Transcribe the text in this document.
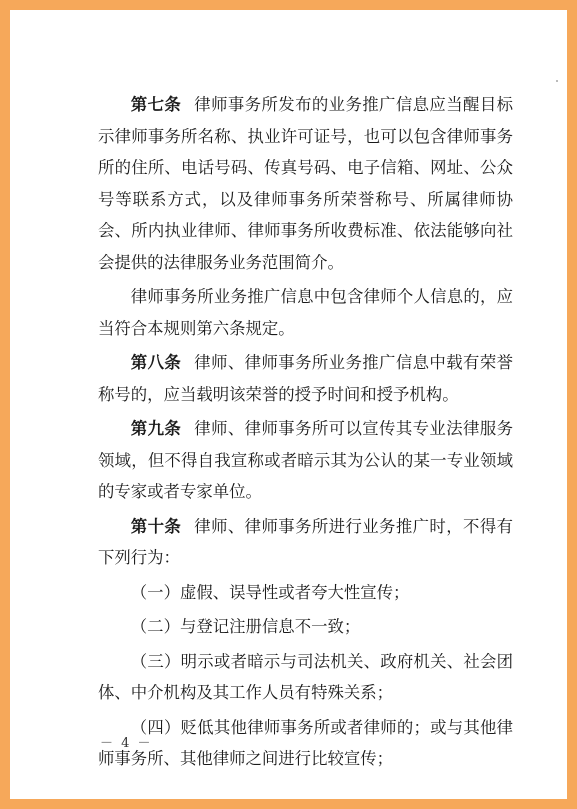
第七条 律师事务所发布的业务推广信息应当醒目标示律师事务所名称、执业许可证号，也可以包含律师事务所的住所、电话号码、传真号码、电子信箱、网址、公众号等联系方式，以及律师事务所荣誉称号、所属律师协会、所内执业律师、律师事务所收费标准、依法能够向社会提供的法律服务业务范围简介。

律师事务所业务推广信息中包含律师个人信息的，应当符合本规则第六条规定。

第八条 律师、律师事务所业务推广信息中载有荣誉称号的，应当载明该荣誉的授予时间和授予机构。

第九条 律师、律师事务所可以宣传其专业法律服务领域，但不得自我宣称或者暗示其为公认的某一专业领域的专家或者专家单位。

第十条 律师、律师事务所进行业务推广时，不得有下列行为：

（一）虚假、误导性或者夸大性宣传；

（二）与登记注册信息不一致；

（三）明示或者暗示与司法机关、政府机关、社会团体、中介机构及其工作人员有特殊关系；

（四）贬低其他律师事务所或者律师的；或与其他律师事务所、其他律师之间进行比较宣传；

－ 4 －
